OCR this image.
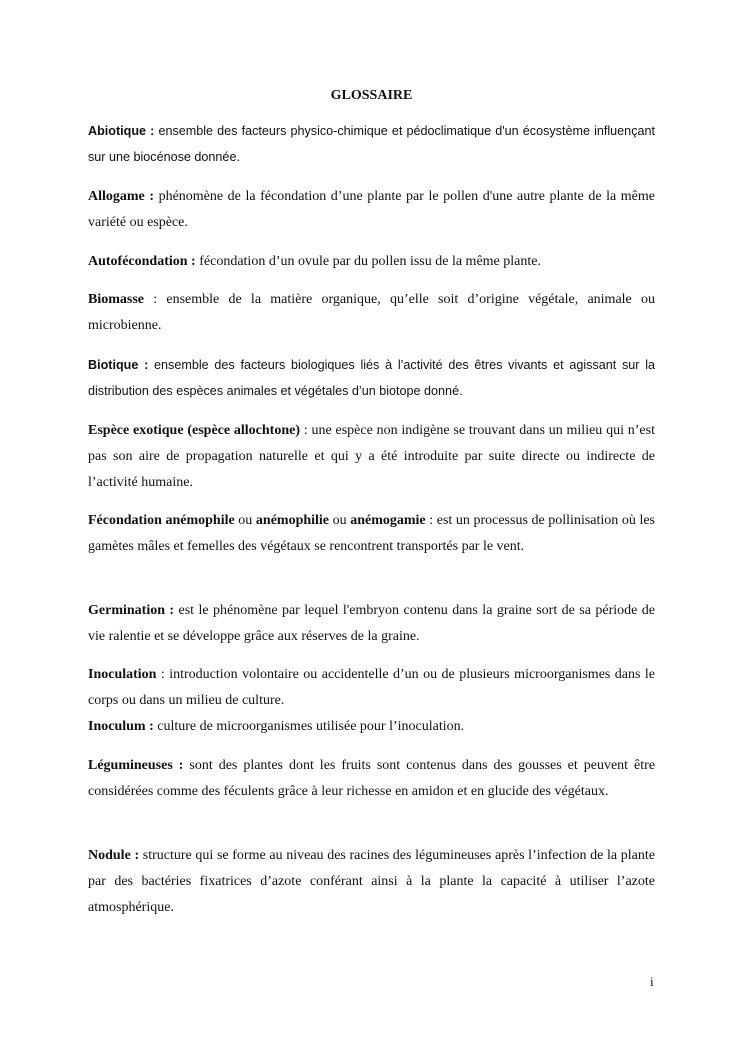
GLOSSAIRE

Abiotique : ensemble des facteurs physico-chimique et pédoclimatique d'un écosystème influençant sur une biocénose donnée.

Allogame : phénomène de la fécondation d’une plante par le pollen d'une autre plante de la même variété ou espèce.

Autofécondation : fécondation d’un ovule par du pollen issu de la même plante.

Biomasse : ensemble de la matière organique, qu’elle soit d’origine végétale, animale ou microbienne.

Biotique : ensemble des facteurs biologiques liés à l’activité des êtres vivants et agissant sur la distribution des espèces animales et végétales d’un biotope donné.

Espèce exotique (espèce allochtone) : une espèce non indigène se trouvant dans un milieu qui n’est pas son aire de propagation naturelle et qui y a été introduite par suite directe ou indirecte de l’activité humaine.

Fécondation anémophile ou anémophilie ou anémogamie : est un processus de pollinisation où les gamètes mâles et femelles des végétaux se rencontrent transportés par le vent.

Germination : est le phénomène par lequel l'embryon contenu dans la graine sort de sa période de vie ralentie et se développe grâce aux réserves de la graine.

Inoculation : introduction volontaire ou accidentelle d’un ou de plusieurs microorganismes dans le corps ou dans un milieu de culture.

Inoculum : culture de microorganismes utilisée pour l’inoculation.

Légumineuses : sont des plantes dont les fruits sont contenus dans des gousses et peuvent être considérées comme des féculents grâce à leur richesse en amidon et en glucide des végétaux.

Nodule : structure qui se forme au niveau des racines des légumineuses après l’infection de la plante par des bactéries fixatrices d’azote conférant ainsi à la plante la capacité à utiliser l’azote atmosphérique.

i
